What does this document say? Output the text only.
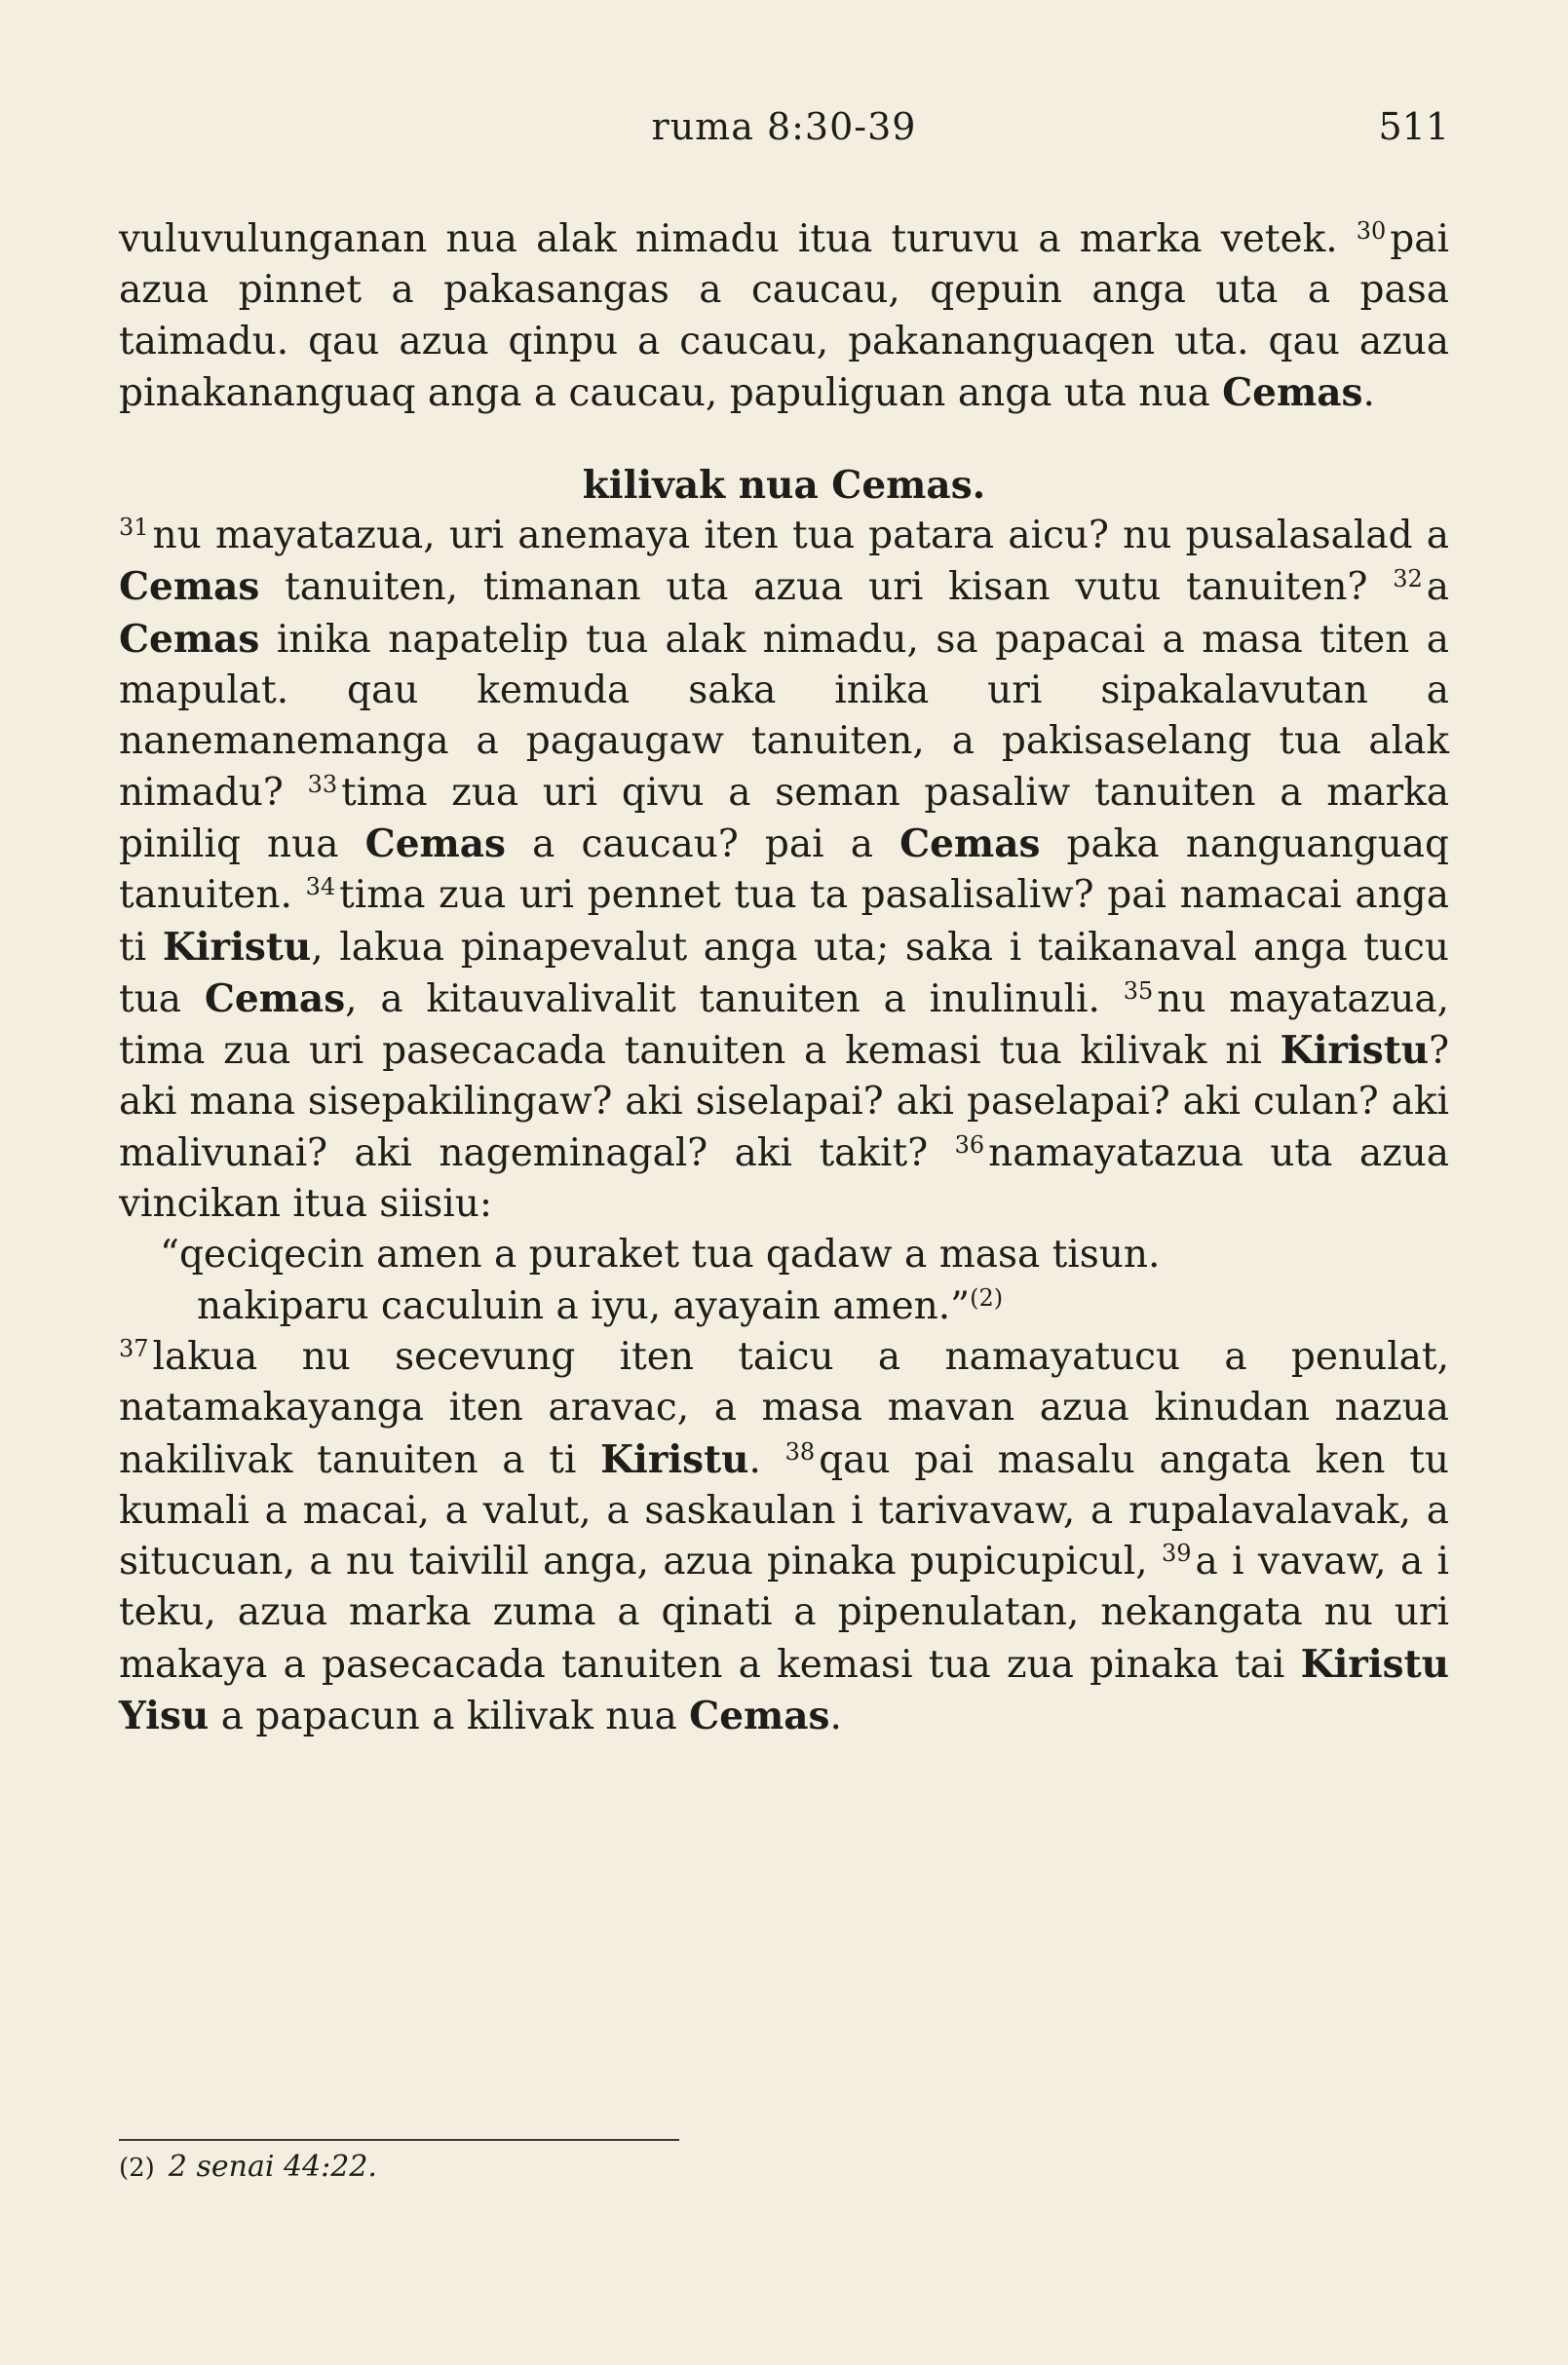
ruma 8:30-39	511

vuluvulunganan nua alak nimadu itua turuvu a marka vetek. $^{30}$ pai azua pinnet a pakasangas a caucau, qepuin anga uta a pasa taimadu. qau azua qinpu a caucau, pakananguaqen uta. qau azua pinakananguaq anga a caucau, papuliguan anga uta nua Cemas.

kilivak nua Cemas.

$^{31}$ nu mayatazua, uri anemaya iten tua patara aicu? nu pusalasalad a Cemas tanuiten, timanan uta azua uri kisan vutu tanuiten? $^{32}$ a Cemas inika napatelip tua alak nimadu, sa papacai a masa titen a mapulat. qau kemuda saka inika uri sipakalavutan a nanemanemanga a pagaugaw tanuiten, a pakisaselang tua alak nimadu? $^{33}$ tima zua uri qivu a seman pasaliw tanuiten a marka piniliq nua Cemas a caucau? pai a Cemas paka nanguanguaq tanuiten. $^{34}$ tima zua uri pennet tua ta pasalisaliw? pai namacai anga ti Kiristu, lakua pinapevalut anga uta; saka i taikanaval anga tucu tua Cemas, a kitauvalivalit tanuiten a inulinuli. $^{35}$ nu mayatazua, tima zua uri pasecacada tanuiten a kemasi tua kilivak ni Kiristu? aki mana sisepakilingaw? aki siselapai? aki paselapai? aki culan? aki malivunai? aki nageminagal? aki takit? $^{36}$ namayatazua uta azua vincikan itua siisiu:

“qeciqecin amen a puraket tua qadaw a masa tisun.

nakiparu caculuin a iyu, ayayain amen.”$^{(2)}$

$^{37}$ lakua nu secevung iten taicu a namayatucu a penulat, natamakayanga iten aravac, a masa mavan azua kinudan nazua nakilivak tanuiten a ti Kiristu. $^{38}$ qau pai masalu angata ken tu kumali a macai, a valut, a saskaulan i tarivavaw, a rupalavalavak, a situcuan, a nu taivilil anga, azua pinaka pupicupicul, $^{39}$ a i vavaw, a i teku, azua marka zuma a qinati a pipenulatan, nekangata nu uri makaya a pasecacada tanuiten a kemasi tua zua pinaka tai Kiristu Yisu a papacun a kilivak nua Cemas.

(2) 2 senai 44:22.
